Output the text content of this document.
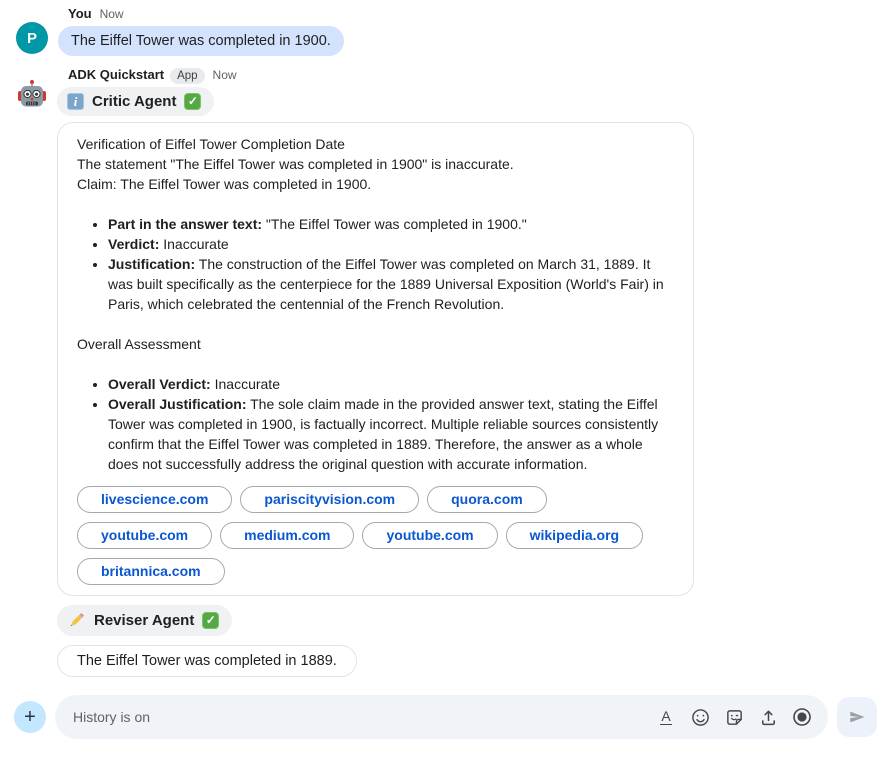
P
You Now
The Eiffel Tower was completed in 1900.
ADK Quickstart	App	Now
i Critic Agent ✓

Verification of Eiffel Tower Completion Date

The statement "The Eiffel Tower was completed in 1900" is inaccurate.

Claim: The Eiffel Tower was completed in 1900.

• Part in the answer text: "The Eiffel Tower was completed in 1900."
• Verdict: Inaccurate
• Justification: The construction of the Eiffel Tower was completed on March 31, 1889. It was built specifically as the centerpiece for the 1889 Universal Exposition (World's Fair) in Paris, which celebrated the centennial of the French Revolution.

Overall Assessment

• Overall Verdict: Inaccurate
• Overall Justification: The sole claim made in the provided answer text, stating the Eiffel Tower was completed in 1900, is factually incorrect. Multiple reliable sources consistently confirm that the Eiffel Tower was completed in 1889. Therefore, the answer as a whole does not successfully address the original question with accurate information.
livescience.com	pariscityvision.com	quora.com
youtube.com	medium.com	youtube.com	wikipedia.org
britannica.com
Reviser Agent ✓
The Eiffel Tower was completed in 1889.
+
History is on	A
